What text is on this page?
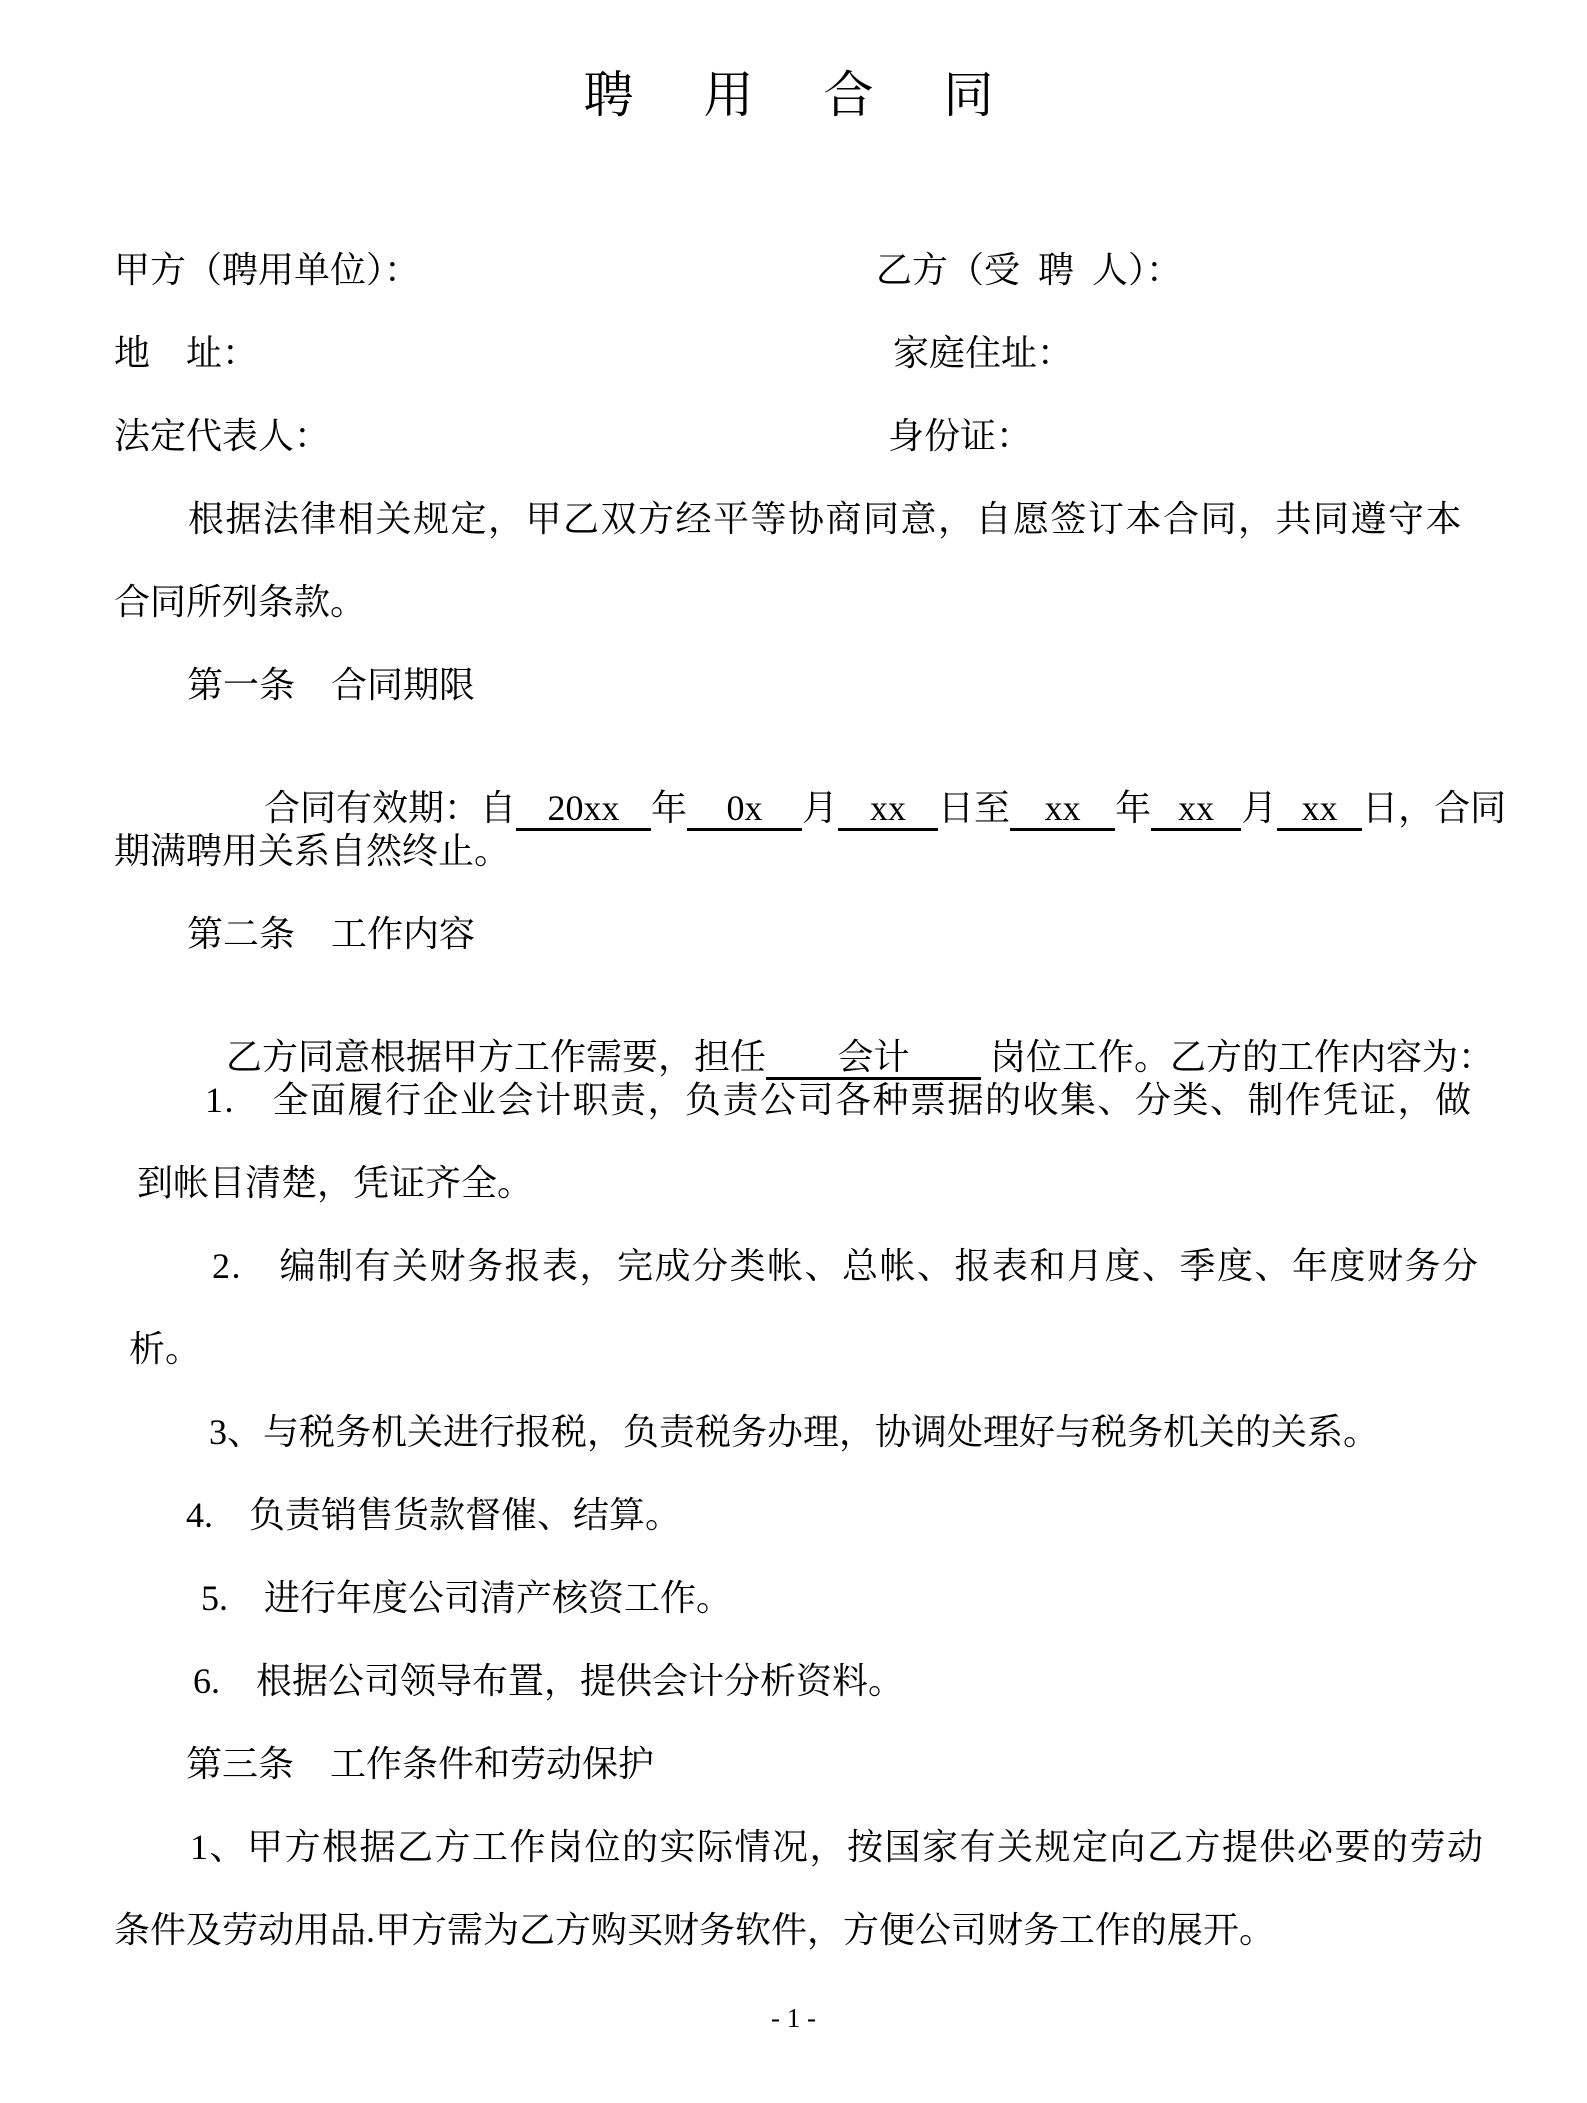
聘　用　合　同
甲方（聘用单位）：	乙方（受  聘  人）：
地　址：	家庭住址：
法定代表人：	身份证：
根据法律相关规定，甲乙双方经平等协商同意，自愿签订本合同，共同遵守本
合同所列条款。
第一条　合同期限

合同有效期：自 20xx 年 0x 月 xx 日至 xx 年 xx 月 xx 日，合同

期满聘用关系自然终止。
第二条　工作内容

乙方同意根据甲方工作需要，担任 会计 岗位工作。乙方的工作内容为：

1.　全面履行企业会计职责，负责公司各种票据的收集、分类、制作凭证，做
到帐目清楚，凭证齐全。
2.　编制有关财务报表，完成分类帐、总帐、报表和月度、季度、年度财务分
析。
3、与税务机关进行报税，负责税务办理，协调处理好与税务机关的关系。
4.　负责销售货款督催、结算。
5.　进行年度公司清产核资工作。
6.　根据公司领导布置，提供会计分析资料。
第三条　工作条件和劳动保护
1、甲方根据乙方工作岗位的实际情况，按国家有关规定向乙方提供必要的劳动
条件及劳动用品.甲方需为乙方购买财务软件，方便公司财务工作的展开。
- 1 -
